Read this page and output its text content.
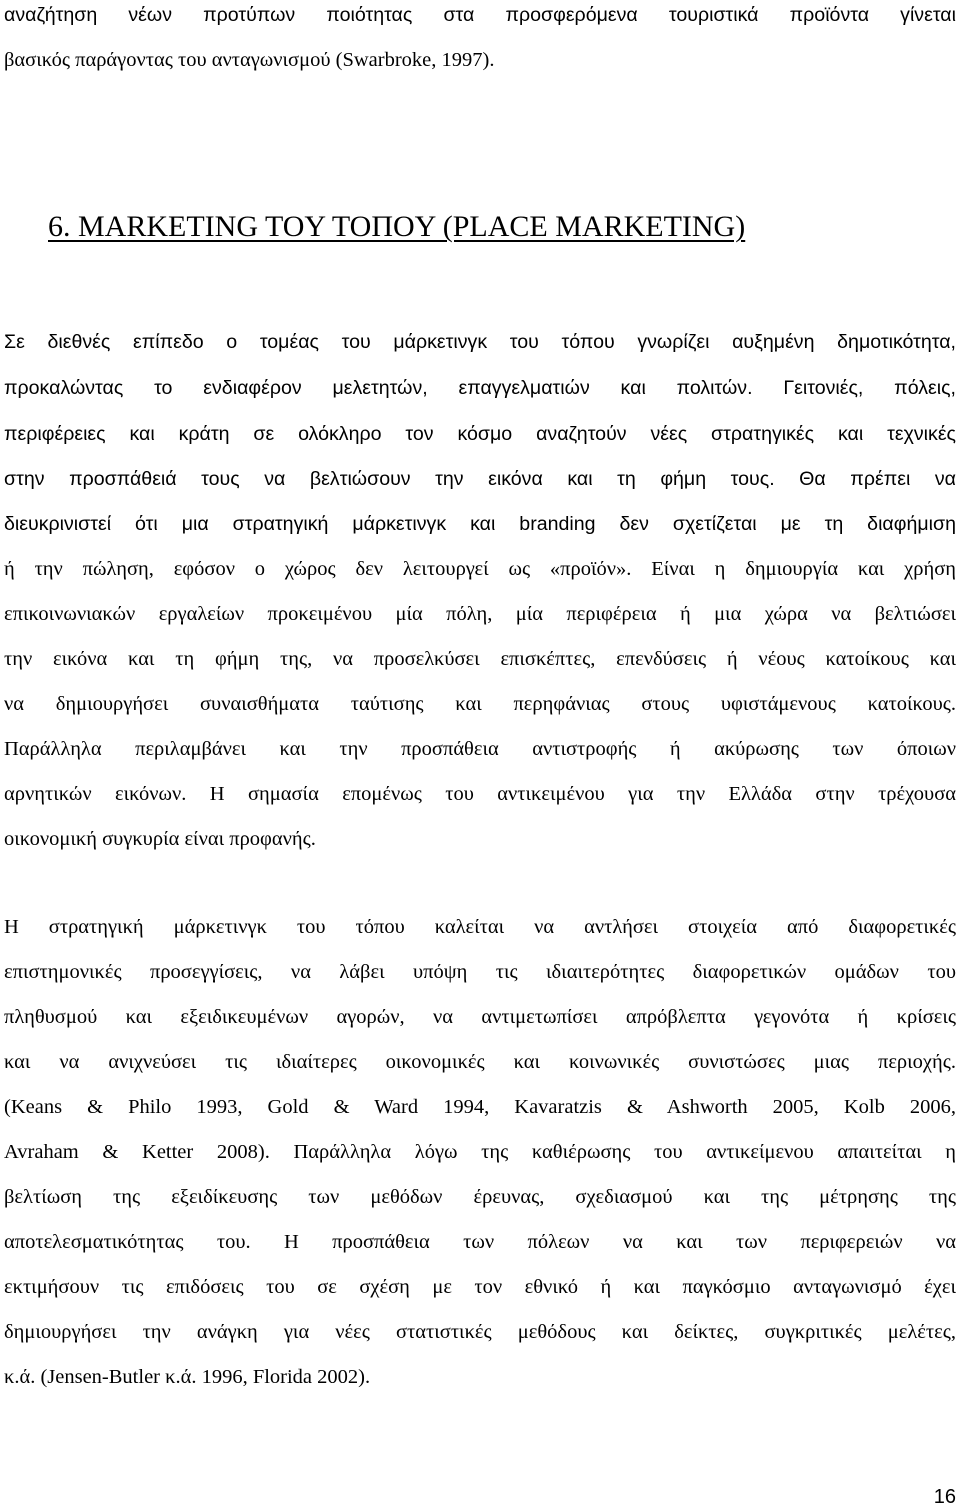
αναζήτηση νέων προτύπων ποιότητας στα προσφερόμενα τουριστικά προϊόντα γίνεται
βασικός παράγοντας του ανταγωνισμού (Swarbroke, 1997).
6. MARKETING TOY TOΠOY (PLACE MARKETING)
Σε διεθνές επίπεδο ο τομέας του μάρκετινγκ του τόπου γνωρίζει αυξημένη δημοτικότητα,
προκαλώντας το ενδιαφέρον μελετητών, επαγγελματιών και πολιτών. Γειτονιές, πόλεις,
περιφέρειες και κράτη σε ολόκληρο τον κόσμο αναζητούν νέες στρατηγικές και τεχνικές
στην προσπάθειά τους να βελτιώσουν την εικόνα και τη φήμη τους. Θα πρέπει να
διευκρινιστεί ότι μια στρατηγική μάρκετινγκ και branding δεν σχετίζεται με τη διαφήμιση
ή την πώληση, εφόσον ο χώρος δεν λειτουργεί ως «προϊόν». Είναι η δημιουργία και χρήση
επικοινωνιακών εργαλείων προκειμένου μία πόλη, μία περιφέρεια ή μια χώρα να βελτιώσει
την εικόνα και τη φήμη της, να προσελκύσει επισκέπτες, επενδύσεις ή νέους κατοίκους και
να δημιουργήσει συναισθήματα ταύτισης και περηφάνιας στους υφιστάμενους κατοίκους.
Παράλληλα περιλαμβάνει και την προσπάθεια αντιστροφής ή ακύρωσης των όποιων
αρνητικών εικόνων. Η σημασία επομένως του αντικειμένου για την Ελλάδα στην τρέχουσα
οικονομική συγκυρία είναι προφανής.
Η στρατηγική μάρκετινγκ του τόπου καλείται να αντλήσει στοιχεία από διαφορετικές
επιστημονικές προσεγγίσεις, να λάβει υπόψη τις ιδιαιτερότητες διαφορετικών ομάδων του
πληθυσμού και εξειδικευμένων αγορών, να αντιμετωπίσει απρόβλεπτα γεγονότα ή κρίσεις
και να ανιχνεύσει τις ιδιαίτερες οικονομικές και κοινωνικές συνιστώσες μιας περιοχής.
(Keans & Philo 1993, Gold & Ward 1994, Kavaratzis & Ashworth 2005, Kolb 2006,
Avraham & Ketter 2008). Παράλληλα λόγω της καθιέρωσης του αντικείμενου απαιτείται η
βελτίωση της εξειδίκευσης των μεθόδων έρευνας, σχεδιασμού και της μέτρησης της
αποτελεσματικότητας του. Η προσπάθεια των πόλεων να και των περιφερειών να
εκτιμήσουν τις επιδόσεις του σε σχέση με τον εθνικό ή και παγκόσμιο ανταγωνισμό έχει
δημιουργήσει την ανάγκη για νέες στατιστικές μεθόδους και δείκτες, συγκριτικές μελέτες,
κ.ά. (Jensen-Butler κ.ά. 1996, Florida 2002).
16
